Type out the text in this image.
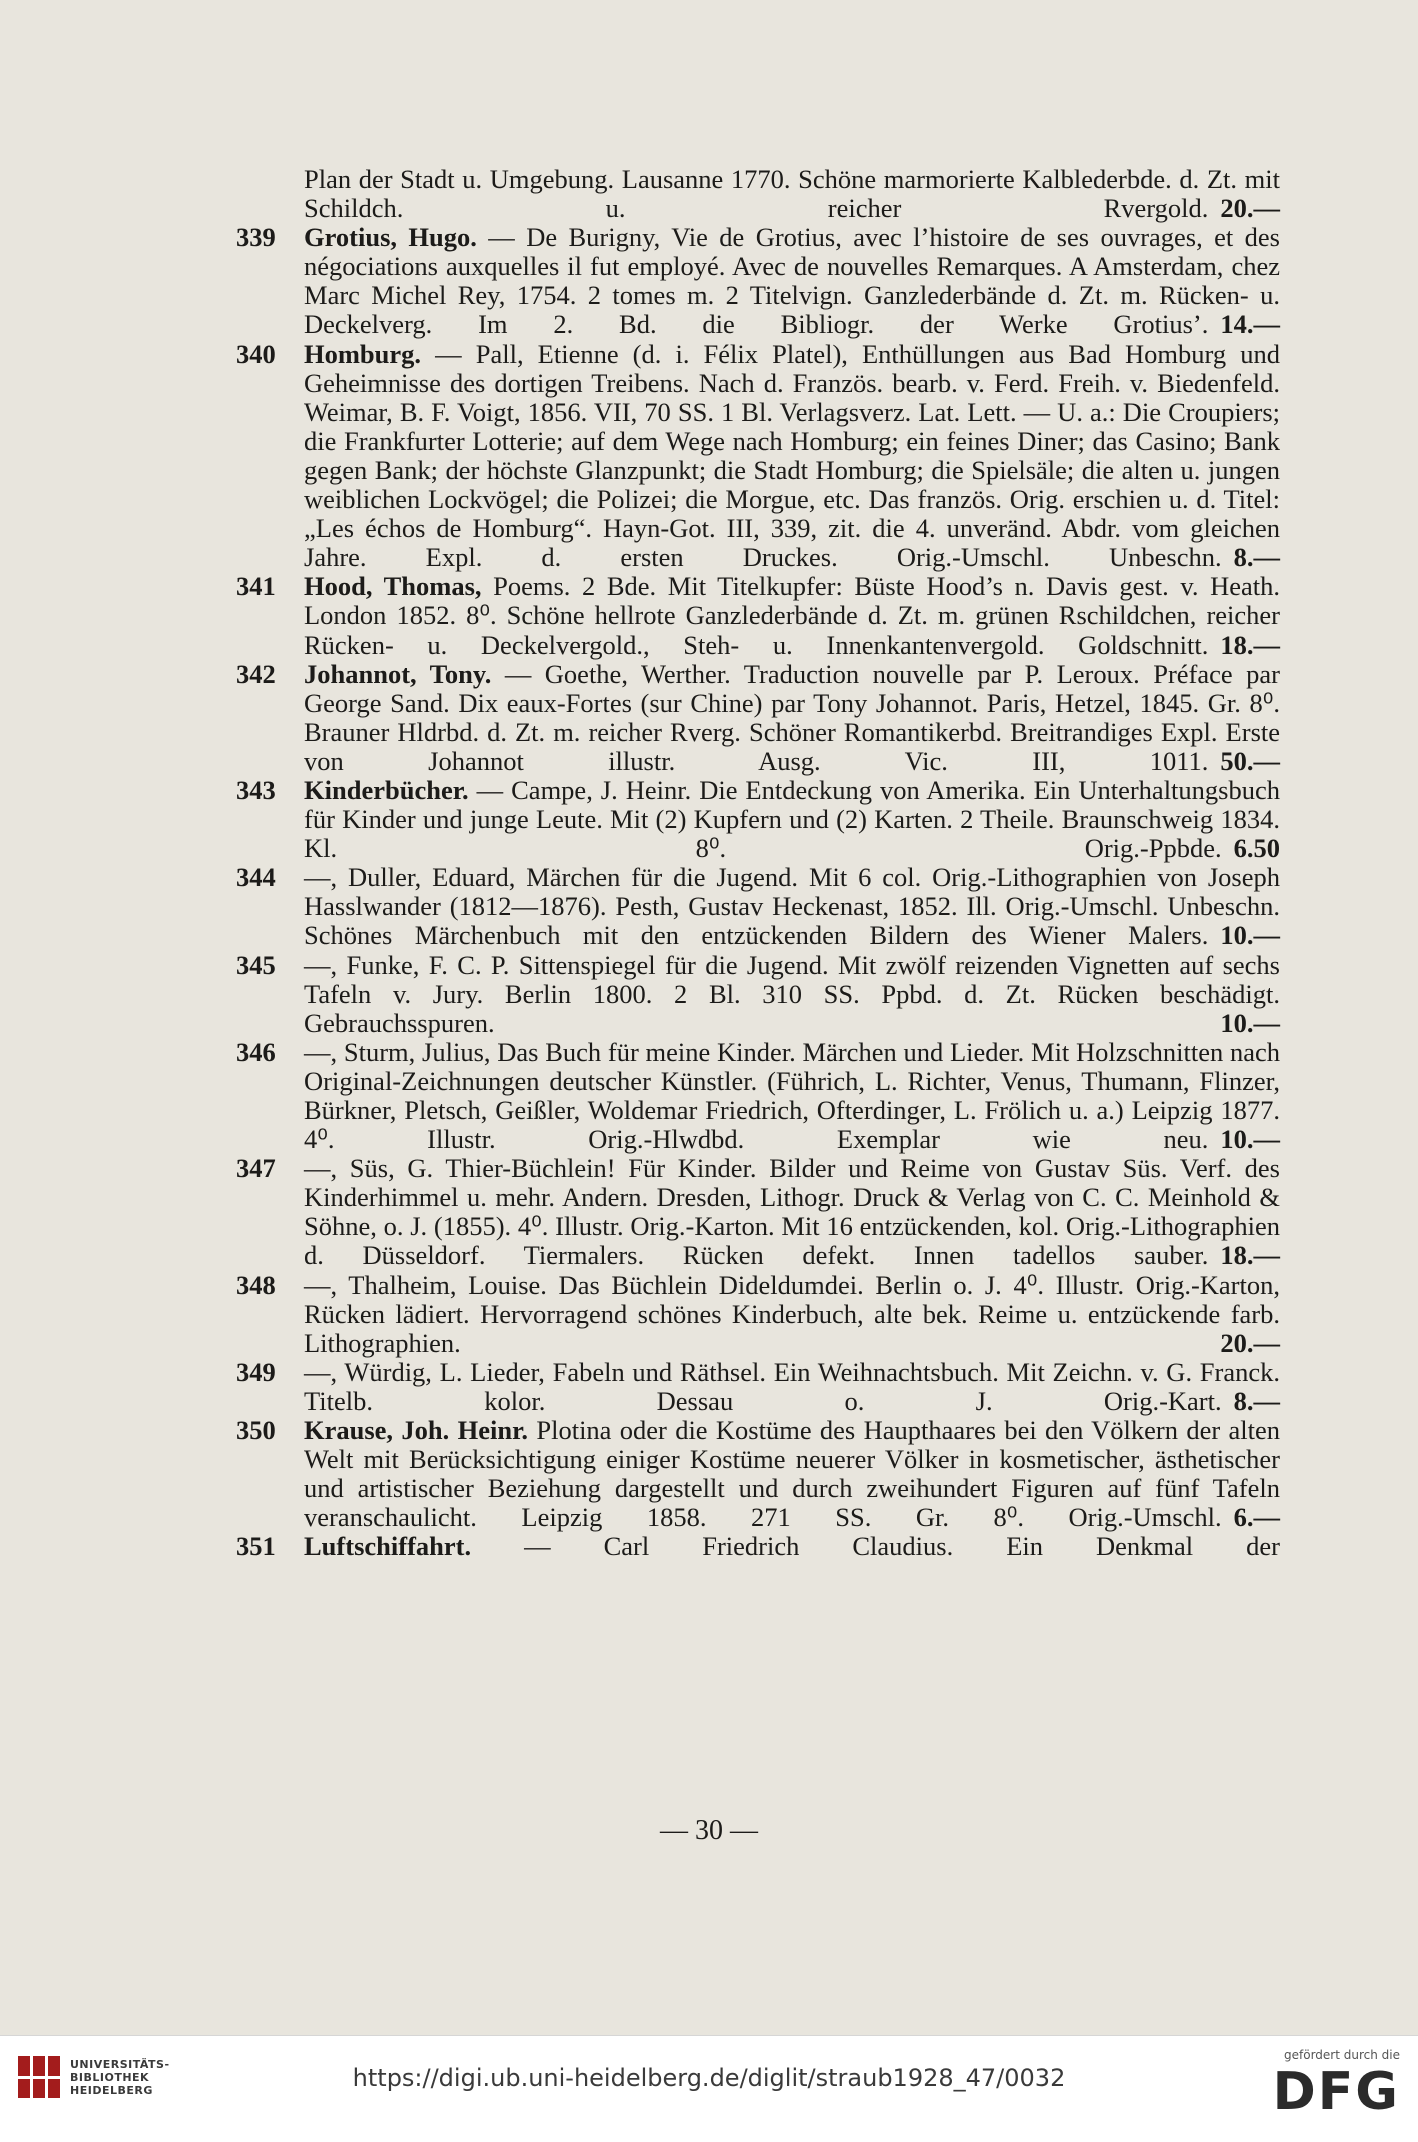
Plan der Stadt u. Umgebung. Lausanne 1770. Schöne marmorierte Kalblederbde. d. Zt. mit Schildch. u. reicher Rvergold. 20.—
339 Grotius, Hugo. — De Burigny, Vie de Grotius, avec l’histoire de ses ouvrages, et des négociations auxquelles il fut employé. Avec de nouvelles Remarques. A Amsterdam, chez Marc Michel Rey, 1754. 2 tomes m. 2 Titelvign. Ganzlederbände d. Zt. m. Rücken- u. Deckelverg. Im 2. Bd. die Bibliogr. der Werke Grotius’. 14.—
340 Homburg. — Pall, Etienne (d. i. Félix Platel), Enthüllungen aus Bad Homburg und Geheimnisse des dortigen Treibens. Nach d. Französ. bearb. v. Ferd. Freih. v. Biedenfeld. Weimar, B. F. Voigt, 1856. VII, 70 SS. 1 Bl. Verlagsverz. Lat. Lett. — U. a.: Die Croupiers; die Frankfurter Lotterie; auf dem Wege nach Homburg; ein feines Diner; das Casino; Bank gegen Bank; der höchste Glanzpunkt; die Stadt Homburg; die Spielsäle; die alten u. jungen weiblichen Lockvögel; die Polizei; die Morgue, etc. Das französ. Orig. erschien u. d. Titel: „Les échos de Homburg“. Hayn-Got. III, 339, zit. die 4. unveränd. Abdr. vom gleichen Jahre. Expl. d. ersten Druckes. Orig.-Umschl. Unbeschn. 8.—
341 Hood, Thomas, Poems. 2 Bde. Mit Titelkupfer: Büste Hood’s n. Davis gest. v. Heath. London 1852. 8⁰. Schöne hellrote Ganzlederbände d. Zt. m. grünen Rschildchen, reicher Rücken- u. Deckelvergold., Steh- u. Innenkantenvergold. Goldschnitt. 18.—
342 Johannot, Tony. — Goethe, Werther. Traduction nouvelle par P. Leroux. Préface par George Sand. Dix eaux-Fortes (sur Chine) par Tony Johannot. Paris, Hetzel, 1845. Gr. 8⁰. Brauner Hldrbd. d. Zt. m. reicher Rverg. Schöner Romantikerbd. Breitrandiges Expl. Erste von Johannot illustr. Ausg. Vic. III, 1011. 50.—
343 Kinderbücher. — Campe, J. Heinr. Die Entdeckung von Amerika. Ein Unterhaltungsbuch für Kinder und junge Leute. Mit (2) Kupfern und (2) Karten. 2 Theile. Braunschweig 1834. Kl. 8⁰. Orig.-Ppbde. 6.50
344 —, Duller, Eduard, Märchen für die Jugend. Mit 6 col. Orig.-Lithographien von Joseph Hasslwander (1812—1876). Pesth, Gustav Heckenast, 1852. Ill. Orig.-Umschl. Unbeschn. Schönes Märchenbuch mit den entzückenden Bildern des Wiener Malers. 10.—
345 —, Funke, F. C. P. Sittenspiegel für die Jugend. Mit zwölf reizenden Vignetten auf sechs Tafeln v. Jury. Berlin 1800. 2 Bl. 310 SS. Ppbd. d. Zt. Rücken beschädigt. Gebrauchsspuren.	10.—
346 —, Sturm, Julius, Das Buch für meine Kinder. Märchen und Lieder. Mit Holzschnitten nach Original-Zeichnungen deutscher Künstler. (Führich, L. Richter, Venus, Thumann, Flinzer, Bürkner, Pletsch, Geißler, Woldemar Friedrich, Ofterdinger, L. Frölich u. a.) Leipzig 1877. 4⁰. Illustr. Orig.-Hlwdbd. Exemplar wie neu. 10.—
347 —, Süs, G. Thier-Büchlein! Für Kinder. Bilder und Reime von Gustav Süs. Verf. des Kinderhimmel u. mehr. Andern. Dresden, Lithogr. Druck & Verlag von C. C. Meinhold & Söhne, o. J. (1855). 4⁰. Illustr. Orig.-Karton. Mit 16 entzückenden, kol. Orig.-Lithographien d. Düsseldorf. Tiermalers. Rücken defekt. Innen tadellos sauber. 18.—
348 —, Thalheim, Louise. Das Büchlein Dideldumdei. Berlin o. J. 4⁰. Illustr. Orig.-Karton, Rücken lädiert. Hervorragend schönes Kinderbuch, alte bek. Reime u. entzückende farb. Lithographien.	20.—
349 —, Würdig, L. Lieder, Fabeln und Räthsel. Ein Weihnachtsbuch. Mit Zeichn. v. G. Franck. Titelb. kolor. Dessau o. J. Orig.-Kart. 8.—
350 Krause, Joh. Heinr. Plotina oder die Kostüme des Haupthaares bei den Völkern der alten Welt mit Berücksichtigung einiger Kostüme neuerer Völker in kosmetischer, ästhetischer und artistischer Beziehung dargestellt und durch zweihundert Figuren auf fünf Tafeln veranschaulicht. Leipzig 1858. 271 SS. Gr. 8⁰. Orig.-Umschl. 6.—
351 Luftschiffahrt. — Carl Friedrich Claudius. Ein Denkmal der
— 30 —
UNIVERSITÄTS-
BIBLIOTHEK
HEIDELBERG	https://digi.ub.uni-heidelberg.de/diglit/straub1928_47/0032
gefördert durch die
DFG
